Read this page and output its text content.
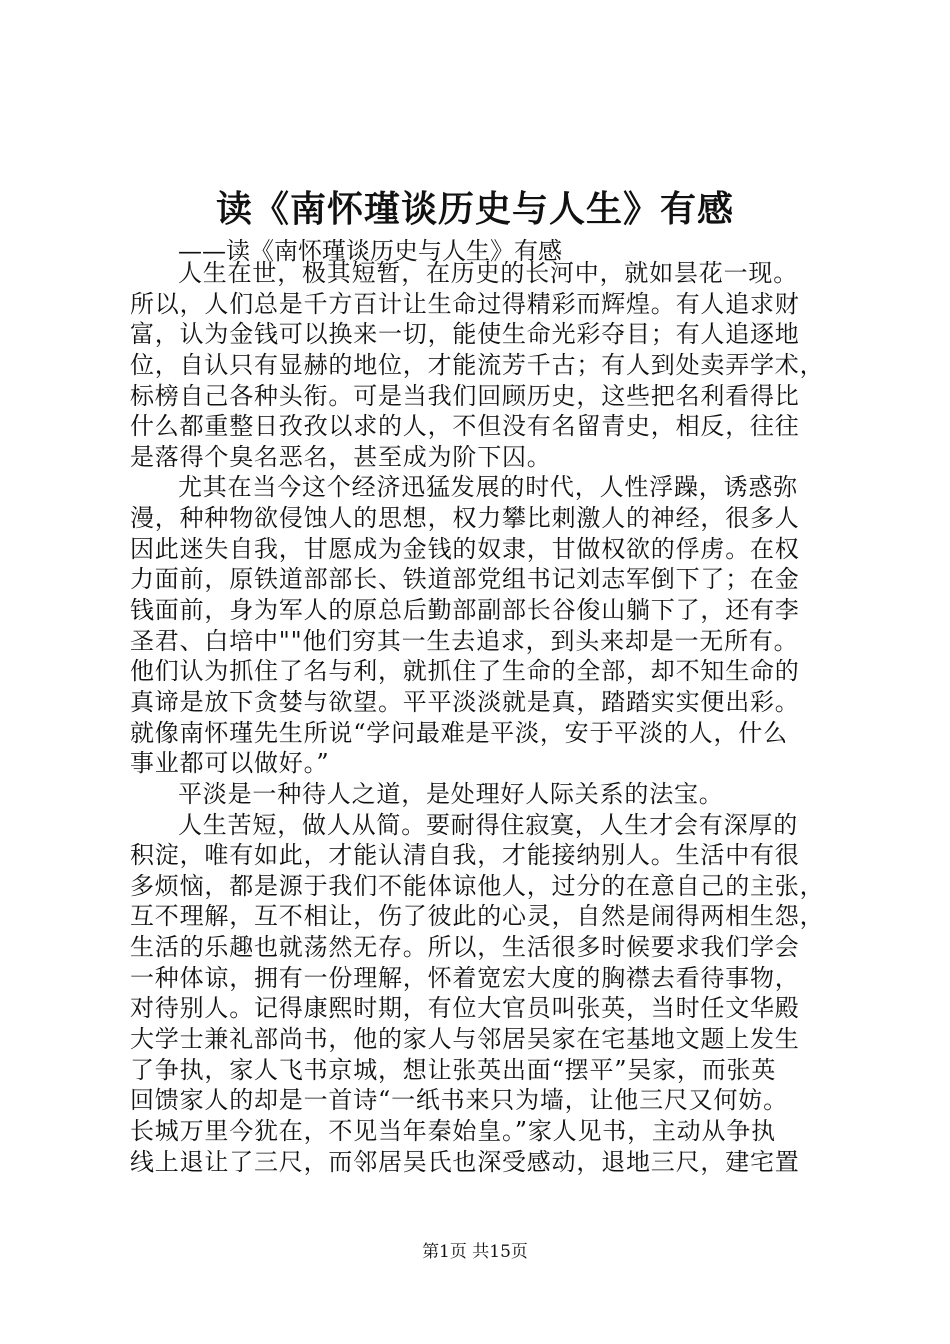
读《南怀瑾谈历史与人生》有感
——读《南怀瑾谈历史与人生》有感
人生在世，极其短暂，在历史的长河中，就如昙花一现。
所以，人们总是千方百计让生命过得精彩而辉煌。有人追求财
富，认为金钱可以换来一切，能使生命光彩夺目；有人追逐地
位，自认只有显赫的地位，才能流芳千古；有人到处卖弄学术，
标榜自己各种头衔。可是当我们回顾历史，这些把名利看得比
什么都重整日孜孜以求的人，不但没有名留青史，相反，往往
是落得个臭名恶名，甚至成为阶下囚。
尤其在当今这个经济迅猛发展的时代，人性浮躁，诱惑弥
漫，种种物欲侵蚀人的思想，权力攀比刺激人的神经，很多人
因此迷失自我，甘愿成为金钱的奴隶，甘做权欲的俘虏。在权
力面前，原铁道部部长、铁道部党组书记刘志军倒下了；在金
钱面前，身为军人的原总后勤部副部长谷俊山躺下了，还有李
圣君、白培中""他们穷其一生去追求，到头来却是一无所有。
他们认为抓住了名与利，就抓住了生命的全部，却不知生命的
真谛是放下贪婪与欲望。平平淡淡就是真，踏踏实实便出彩。
就像南怀瑾先生所说“学问最难是平淡，安于平淡的人，什么
事业都可以做好。”
平淡是一种待人之道，是处理好人际关系的法宝。
人生苦短，做人从简。要耐得住寂寞，人生才会有深厚的
积淀，唯有如此，才能认清自我，才能接纳别人。生活中有很
多烦恼，都是源于我们不能体谅他人，过分的在意自己的主张，
互不理解，互不相让，伤了彼此的心灵，自然是闹得两相生怨，
生活的乐趣也就荡然无存。所以，生活很多时候要求我们学会
一种体谅，拥有一份理解，怀着宽宏大度的胸襟去看待事物，
对待别人。记得康熙时期，有位大官员叫张英，当时任文华殿
大学士兼礼部尚书，他的家人与邻居吴家在宅基地文题上发生
了争执，家人飞书京城，想让张英出面“摆平”吴家，而张英
回馈家人的却是一首诗“一纸书来只为墙，让他三尺又何妨。
长城万里今犹在，不见当年秦始皇。”家人见书，主动从争执
线上退让了三尺，而邻居吴氏也深受感动，退地三尺，建宅置
第1页 共15页
